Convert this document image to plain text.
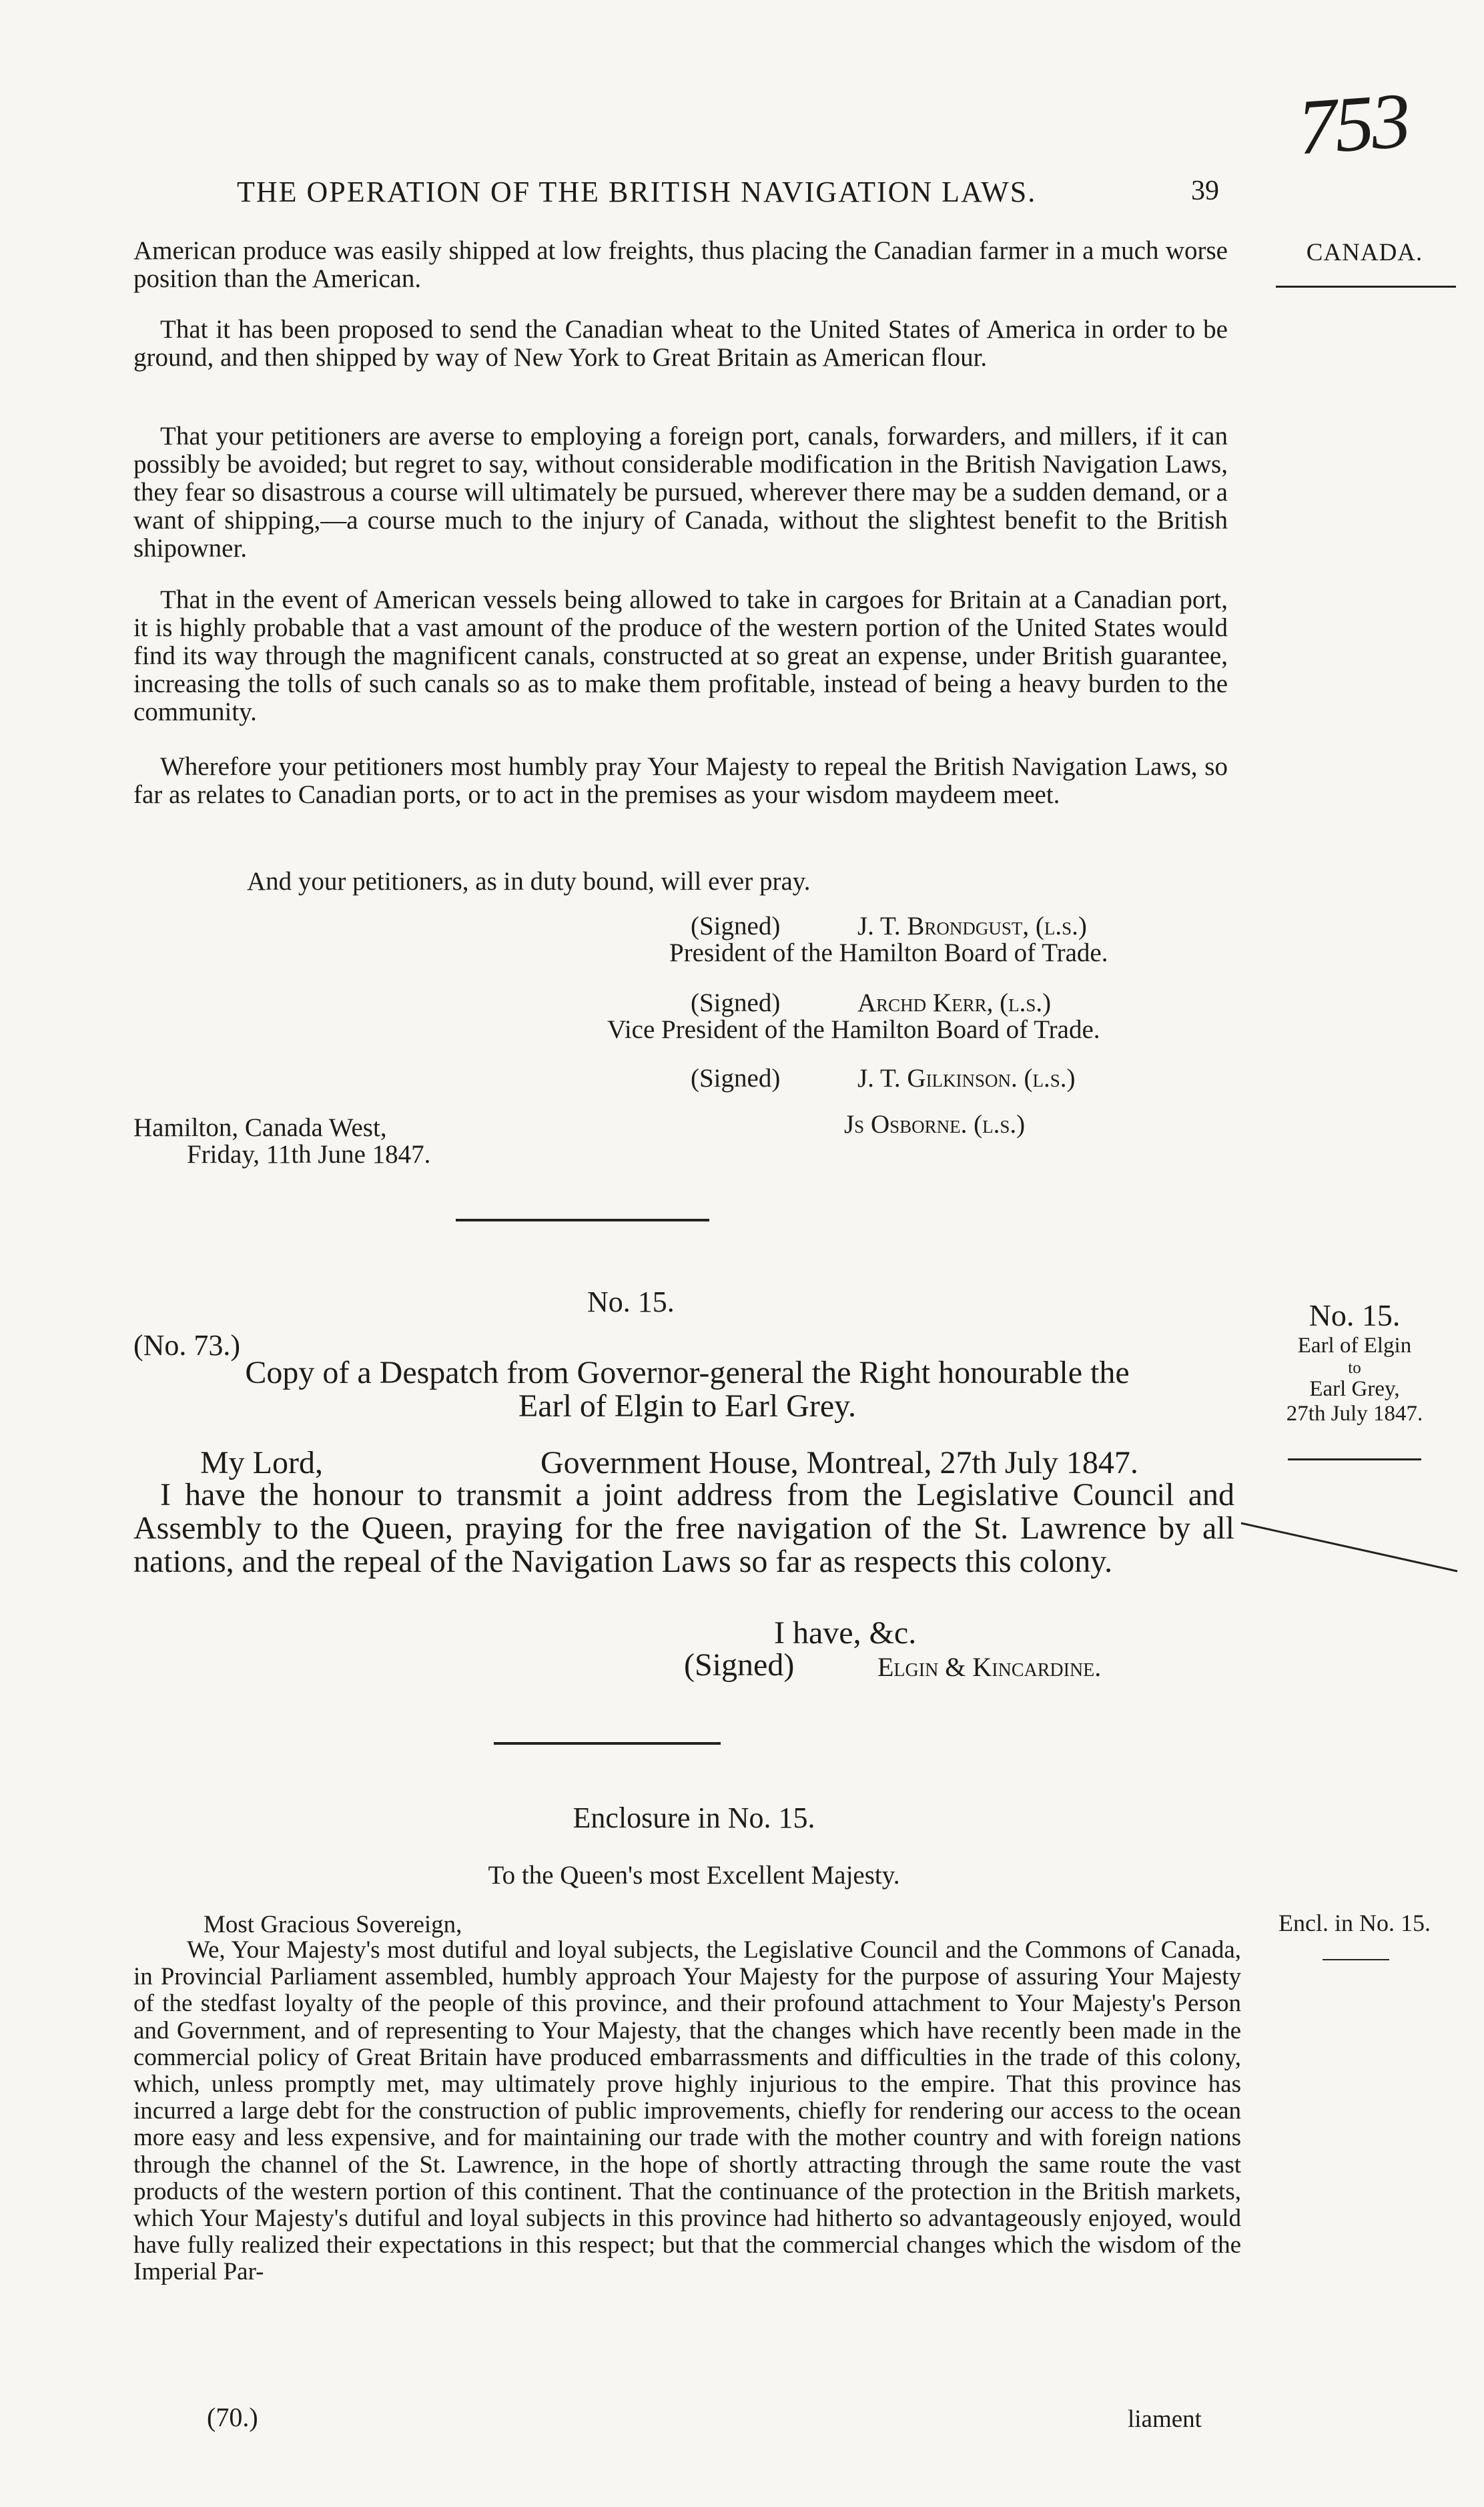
753
THE OPERATION OF THE BRITISH NAVIGATION LAWS.	39
CANADA.
American produce was easily shipped at low freights, thus placing the Canadian farmer in a much worse position than the American.
That it has been proposed to send the Canadian wheat to the United States of America in order to be ground, and then shipped by way of New York to Great Britain as American flour.
That your petitioners are averse to employing a foreign port, canals, forwarders, and millers, if it can possibly be avoided; but regret to say, without considerable modification in the British Navigation Laws, they fear so disastrous a course will ultimately be pursued, wherever there may be a sudden demand, or a want of shipping,—a course much to the injury of Canada, without the slightest benefit to the British shipowner.
That in the event of American vessels being allowed to take in cargoes for Britain at a Canadian port, it is highly probable that a vast amount of the produce of the western portion of the United States would find its way through the magnificent canals, constructed at so great an expense, under British guarantee, increasing the tolls of such canals so as to make them profitable, instead of being a heavy burden to the community.
Wherefore your petitioners most humbly pray Your Majesty to repeal the British Navigation Laws, so far as relates to Canadian ports, or to act in the premises as your wisdom maydeem meet.
And your petitioners, as in duty bound, will ever pray.
(Signed)	J. T. Brondgust, (l.s.)
President of the Hamilton Board of Trade.
(Signed)	Archd Kerr, (l.s.)
Vice President of the Hamilton Board of Trade.
(Signed)	J. T. Gilkinson. (l.s.)
Js Osborne. (l.s.)
Hamilton, Canada West,
Friday, 11th June 1847.
No. 15.
(No. 73.)
Copy of a Despatch from Governor-general the Right honourable the
Earl of Elgin to Earl Grey.
No. 15.
Earl of Elgin
to
Earl Grey,
27th July 1847.
My Lord,	Government House, Montreal, 27th July 1847.
I have the honour to transmit a joint address from the Legislative Council and Assembly to the Queen, praying for the free navigation of the St. Lawrence by all nations, and the repeal of the Navigation Laws so far as respects this colony.
I have, &c.
(Signed)	Elgin & Kincardine.
Enclosure in No. 15.
To the Queen's most Excellent Majesty.
Encl. in No. 15.
Most Gracious Sovereign,
We, Your Majesty's most dutiful and loyal subjects, the Legislative Council and the Commons of Canada, in Provincial Parliament assembled, humbly approach Your Majesty for the purpose of assuring Your Majesty of the stedfast loyalty of the people of this province, and their profound attachment to Your Majesty's Person and Government, and of representing to Your Majesty, that the changes which have recently been made in the commercial policy of Great Britain have produced embarrassments and difficulties in the trade of this colony, which, unless promptly met, may ultimately prove highly injurious to the empire. That this province has incurred a large debt for the construction of public improvements, chiefly for rendering our access to the ocean more easy and less expensive, and for maintaining our trade with the mother country and with foreign nations through the channel of the St. Lawrence, in the hope of shortly attracting through the same route the vast products of the western portion of this continent. That the continuance of the protection in the British markets, which Your Majesty's dutiful and loyal subjects in this province had hitherto so advantageously enjoyed, would have fully realized their expectations in this respect; but that the commercial changes which the wisdom of the Imperial Par-
(70.)	liament
